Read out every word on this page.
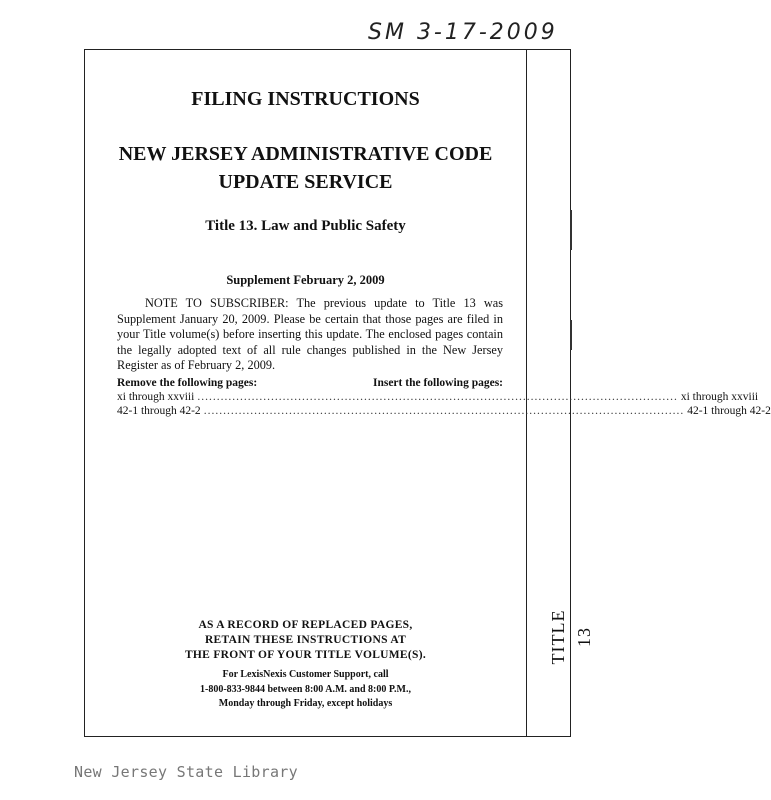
SM 3-17-2009
TITLE 13
FILING INSTRUCTIONS
NEW JERSEY ADMINISTRATIVE CODE
UPDATE SERVICE
Title 13. Law and Public Safety
Supplement February 2, 2009
NOTE TO SUBSCRIBER: The previous update to Title 13 was Supplement January 20, 2009. Please be certain that those pages are filed in your Title volume(s) before inserting this update. The enclosed pages contain the legally adopted text of all rule changes published in the New Jersey Register as of February 2, 2009.
Remove the following pages:	Insert the following pages:
xi through xxviii ............................................................................................................................ xi through xxviii
42-1 through 42-2 ............................................................................................................................ 42-1 through 42-2
AS A RECORD OF REPLACED PAGES,
RETAIN THESE INSTRUCTIONS AT
THE FRONT OF YOUR TITLE VOLUME(S).
For LexisNexis Customer Support, call
1-800-833-9844 between 8:00 A.M. and 8:00 P.M.,
Monday through Friday, except holidays
New Jersey State Library
